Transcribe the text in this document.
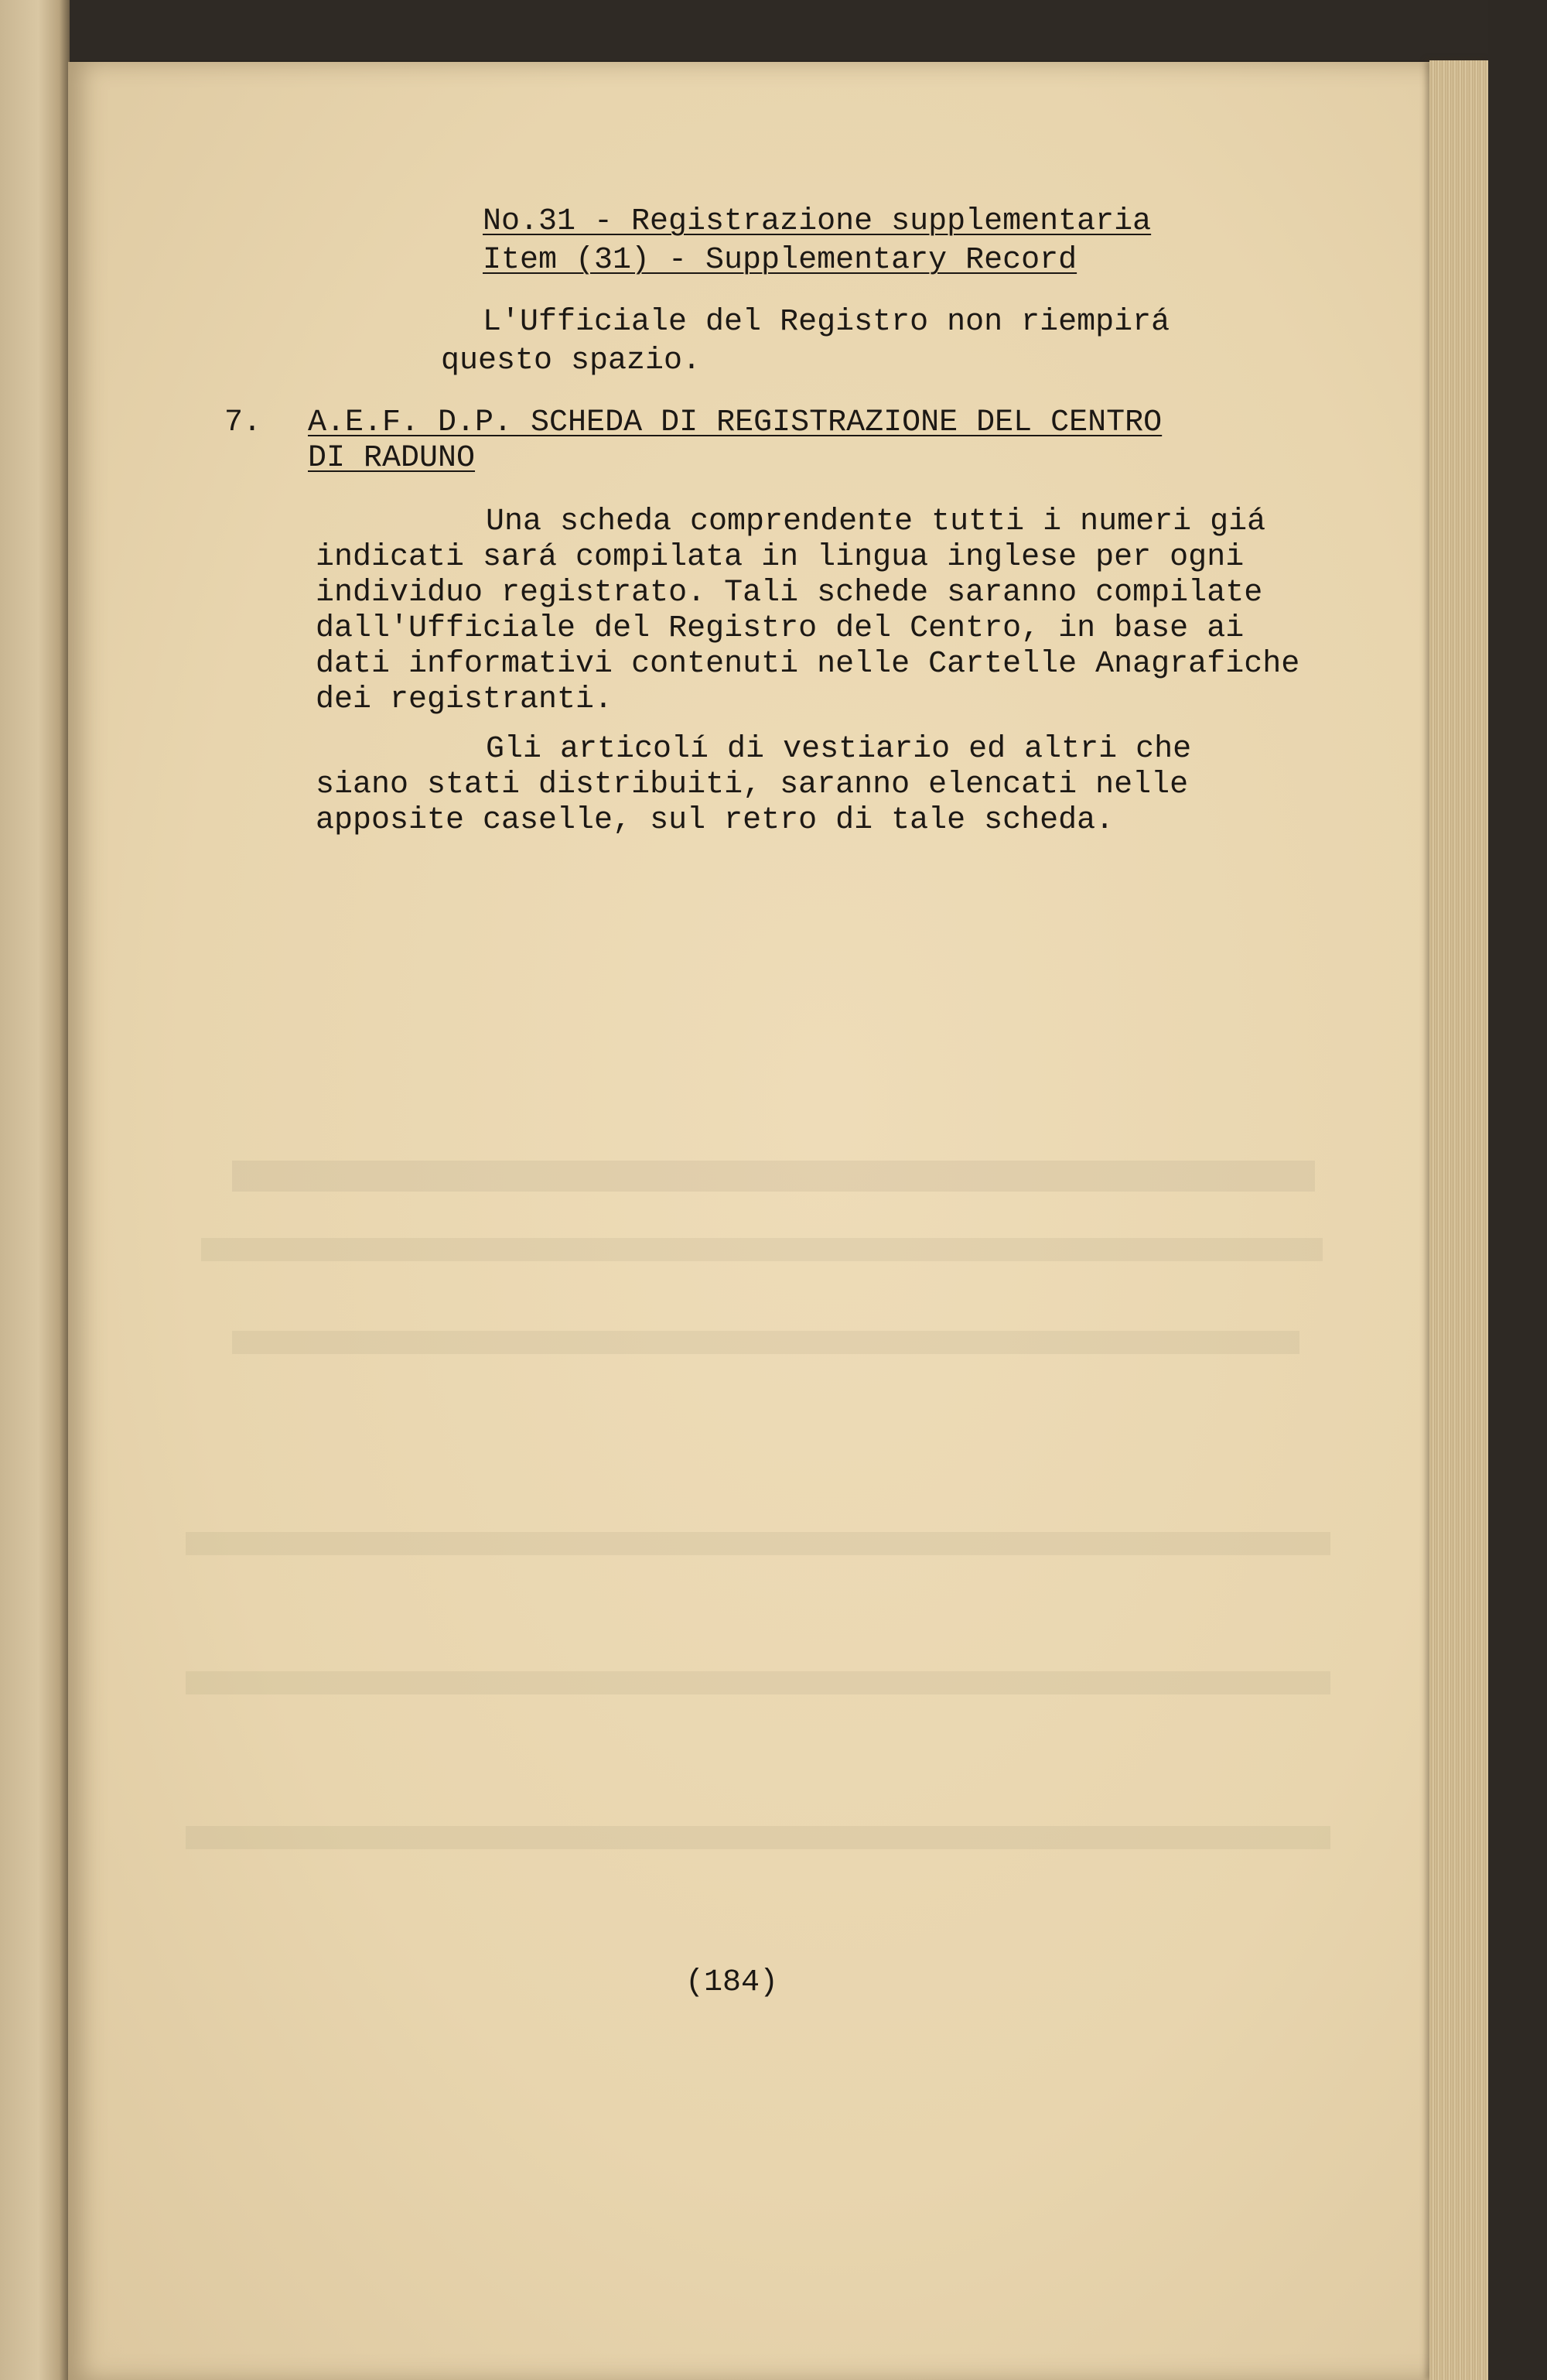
No.31 - Registrazione supplementaria

Item (31) - Supplementary Record

L'Ufficiale del Registro non riempirá

questo spazio.

7. A.E.F. D.P. SCHEDA DI REGISTRAZIONE DEL CENTRO

DI RADUNO

Una scheda comprendente tutti i numeri giá

indicati sará compilata in lingua inglese per ogni

individuo registrato. Tali schede saranno compilate

dall'Ufficiale del Registro del Centro, in base ai

dati informativi contenuti nelle Cartelle Anagrafiche

dei registranti.

Gli articolí di vestiario ed altri che

siano stati distribuiti, saranno elencati nelle

apposite caselle, sul retro di tale scheda.

(184)
